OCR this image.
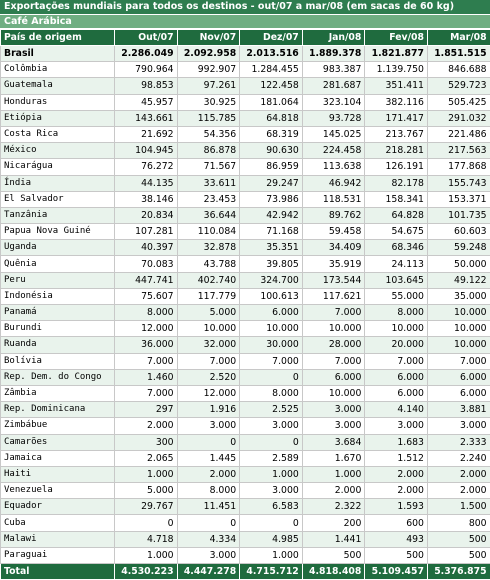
Exportações mundiais para todos os destinos - out/07 a mar/08 (em sacas de 60 kg)
Café Arábica
País de origem	Out/07	Nov/07	Dez/07	Jan/08	Fev/08	Mar/08
Brasil	2.286.049	2.092.958	2.013.516	1.889.378	1.821.877	1.851.515
Colômbia	790.964	992.907	1.284.455	983.387	1.139.750	846.688
Guatemala	98.853	97.261	122.458	281.687	351.411	529.723
Honduras	45.957	30.925	181.064	323.104	382.116	505.425
Etiópia	143.661	115.785	64.818	93.728	171.417	291.032
Costa Rica	21.692	54.356	68.319	145.025	213.767	221.486
México	104.945	86.878	90.630	224.458	218.281	217.563
Nicarágua	76.272	71.567	86.959	113.638	126.191	177.868
Índia	44.135	33.611	29.247	46.942	82.178	155.743
El Salvador	38.146	23.453	73.986	118.531	158.341	153.371
Tanzânia	20.834	36.644	42.942	89.762	64.828	101.735
Papua Nova Guiné	107.281	110.084	71.168	59.458	54.675	60.603
Uganda	40.397	32.878	35.351	34.409	68.346	59.248
Quênia	70.083	43.788	39.805	35.919	24.113	50.000
Peru	447.741	402.740	324.700	173.544	103.645	49.122
Indonésia	75.607	117.779	100.613	117.621	55.000	35.000
Panamá	8.000	5.000	6.000	7.000	8.000	10.000
Burundi	12.000	10.000	10.000	10.000	10.000	10.000
Ruanda	36.000	32.000	30.000	28.000	20.000	10.000
Bolívia	7.000	7.000	7.000	7.000	7.000	7.000
Rep. Dem. do Congo	1.460	2.520	0	6.000	6.000	6.000
Zâmbia	7.000	12.000	8.000	10.000	6.000	6.000
Rep. Dominicana	297	1.916	2.525	3.000	4.140	3.881
Zimbábue	2.000	3.000	3.000	3.000	3.000	3.000
Camarões	300	0	0	3.684	1.683	2.333
Jamaica	2.065	1.445	2.589	1.670	1.512	2.240
Haiti	1.000	2.000	1.000	1.000	2.000	2.000
Venezuela	5.000	8.000	3.000	2.000	2.000	2.000
Equador	29.767	11.451	6.583	2.322	1.593	1.500
Cuba	0	0	0	200	600	800
Malawi	4.718	4.334	4.985	1.441	493	500
Paraguai	1.000	3.000	1.000	500	500	500
Total	4.530.223	4.447.278	4.715.712	4.818.408	5.109.457	5.376.875
